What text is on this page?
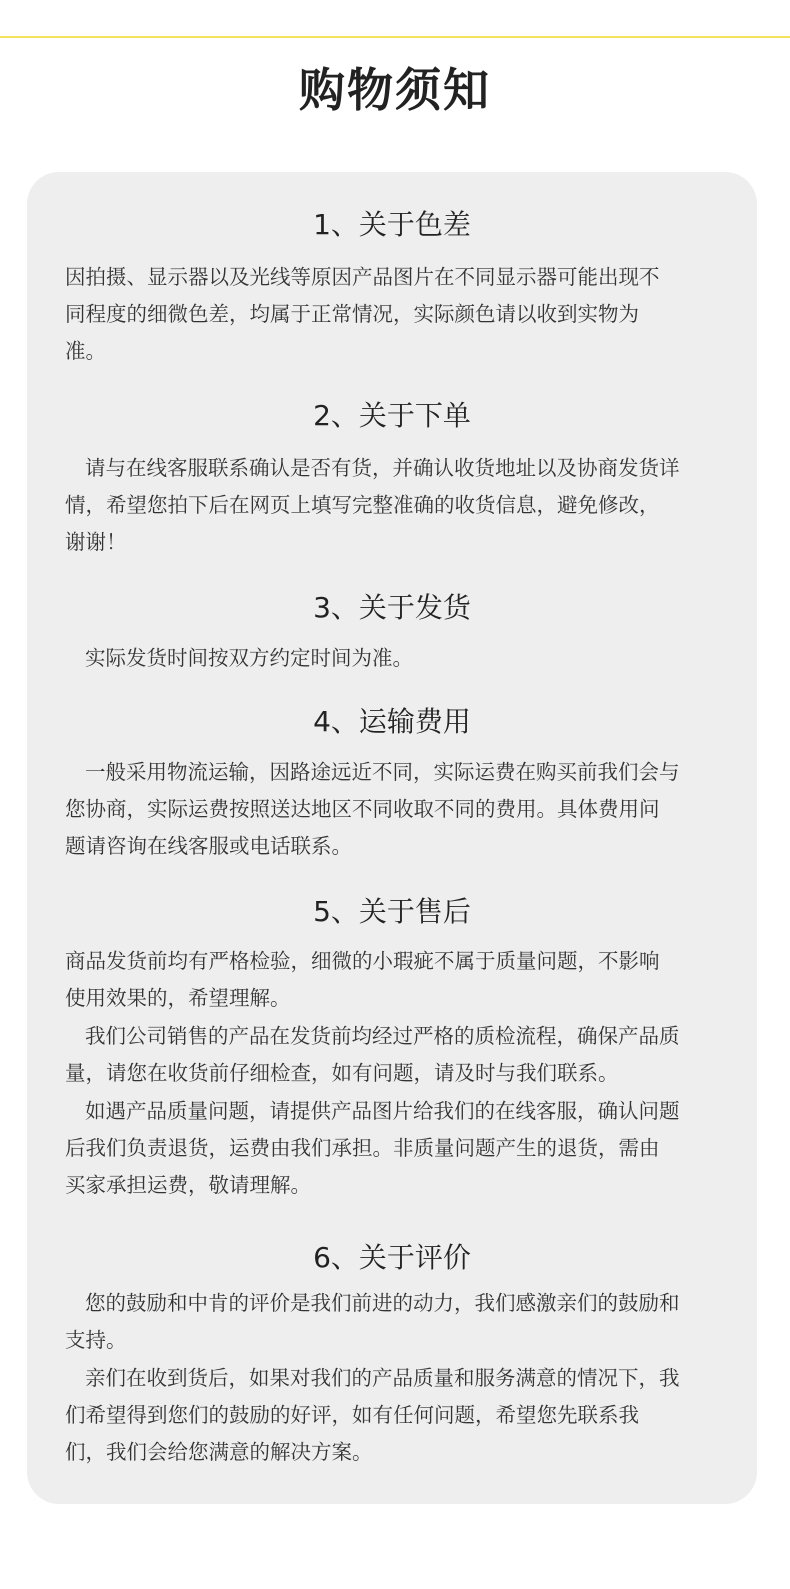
购物须知
1、关于色差
因拍摄、显示器以及光线等原因产品图片在不同显示器可能出现不
同程度的细微色差，均属于正常情况，实际颜色请以收到实物为
准。
2、关于下单
请与在线客服联系确认是否有货，并确认收货地址以及协商发货详
情，希望您拍下后在网页上填写完整准确的收货信息，避免修改，
谢谢！
3、关于发货
实际发货时间按双方约定时间为准。
4、运输费用
一般采用物流运输，因路途远近不同，实际运费在购买前我们会与
您协商，实际运费按照送达地区不同收取不同的费用。具体费用问
题请咨询在线客服或电话联系。
5、关于售后
商品发货前均有严格检验，细微的小瑕疵不属于质量问题，不影响
使用效果的，希望理解。
我们公司销售的产品在发货前均经过严格的质检流程，确保产品质
量，请您在收货前仔细检查，如有问题，请及时与我们联系。
如遇产品质量问题，请提供产品图片给我们的在线客服，确认问题
后我们负责退货，运费由我们承担。非质量问题产生的退货，需由
买家承担运费，敬请理解。
6、关于评价
您的鼓励和中肯的评价是我们前进的动力，我们感激亲们的鼓励和
支持。
亲们在收到货后，如果对我们的产品质量和服务满意的情况下，我
们希望得到您们的鼓励的好评，如有任何问题，希望您先联系我
们，我们会给您满意的解决方案。
